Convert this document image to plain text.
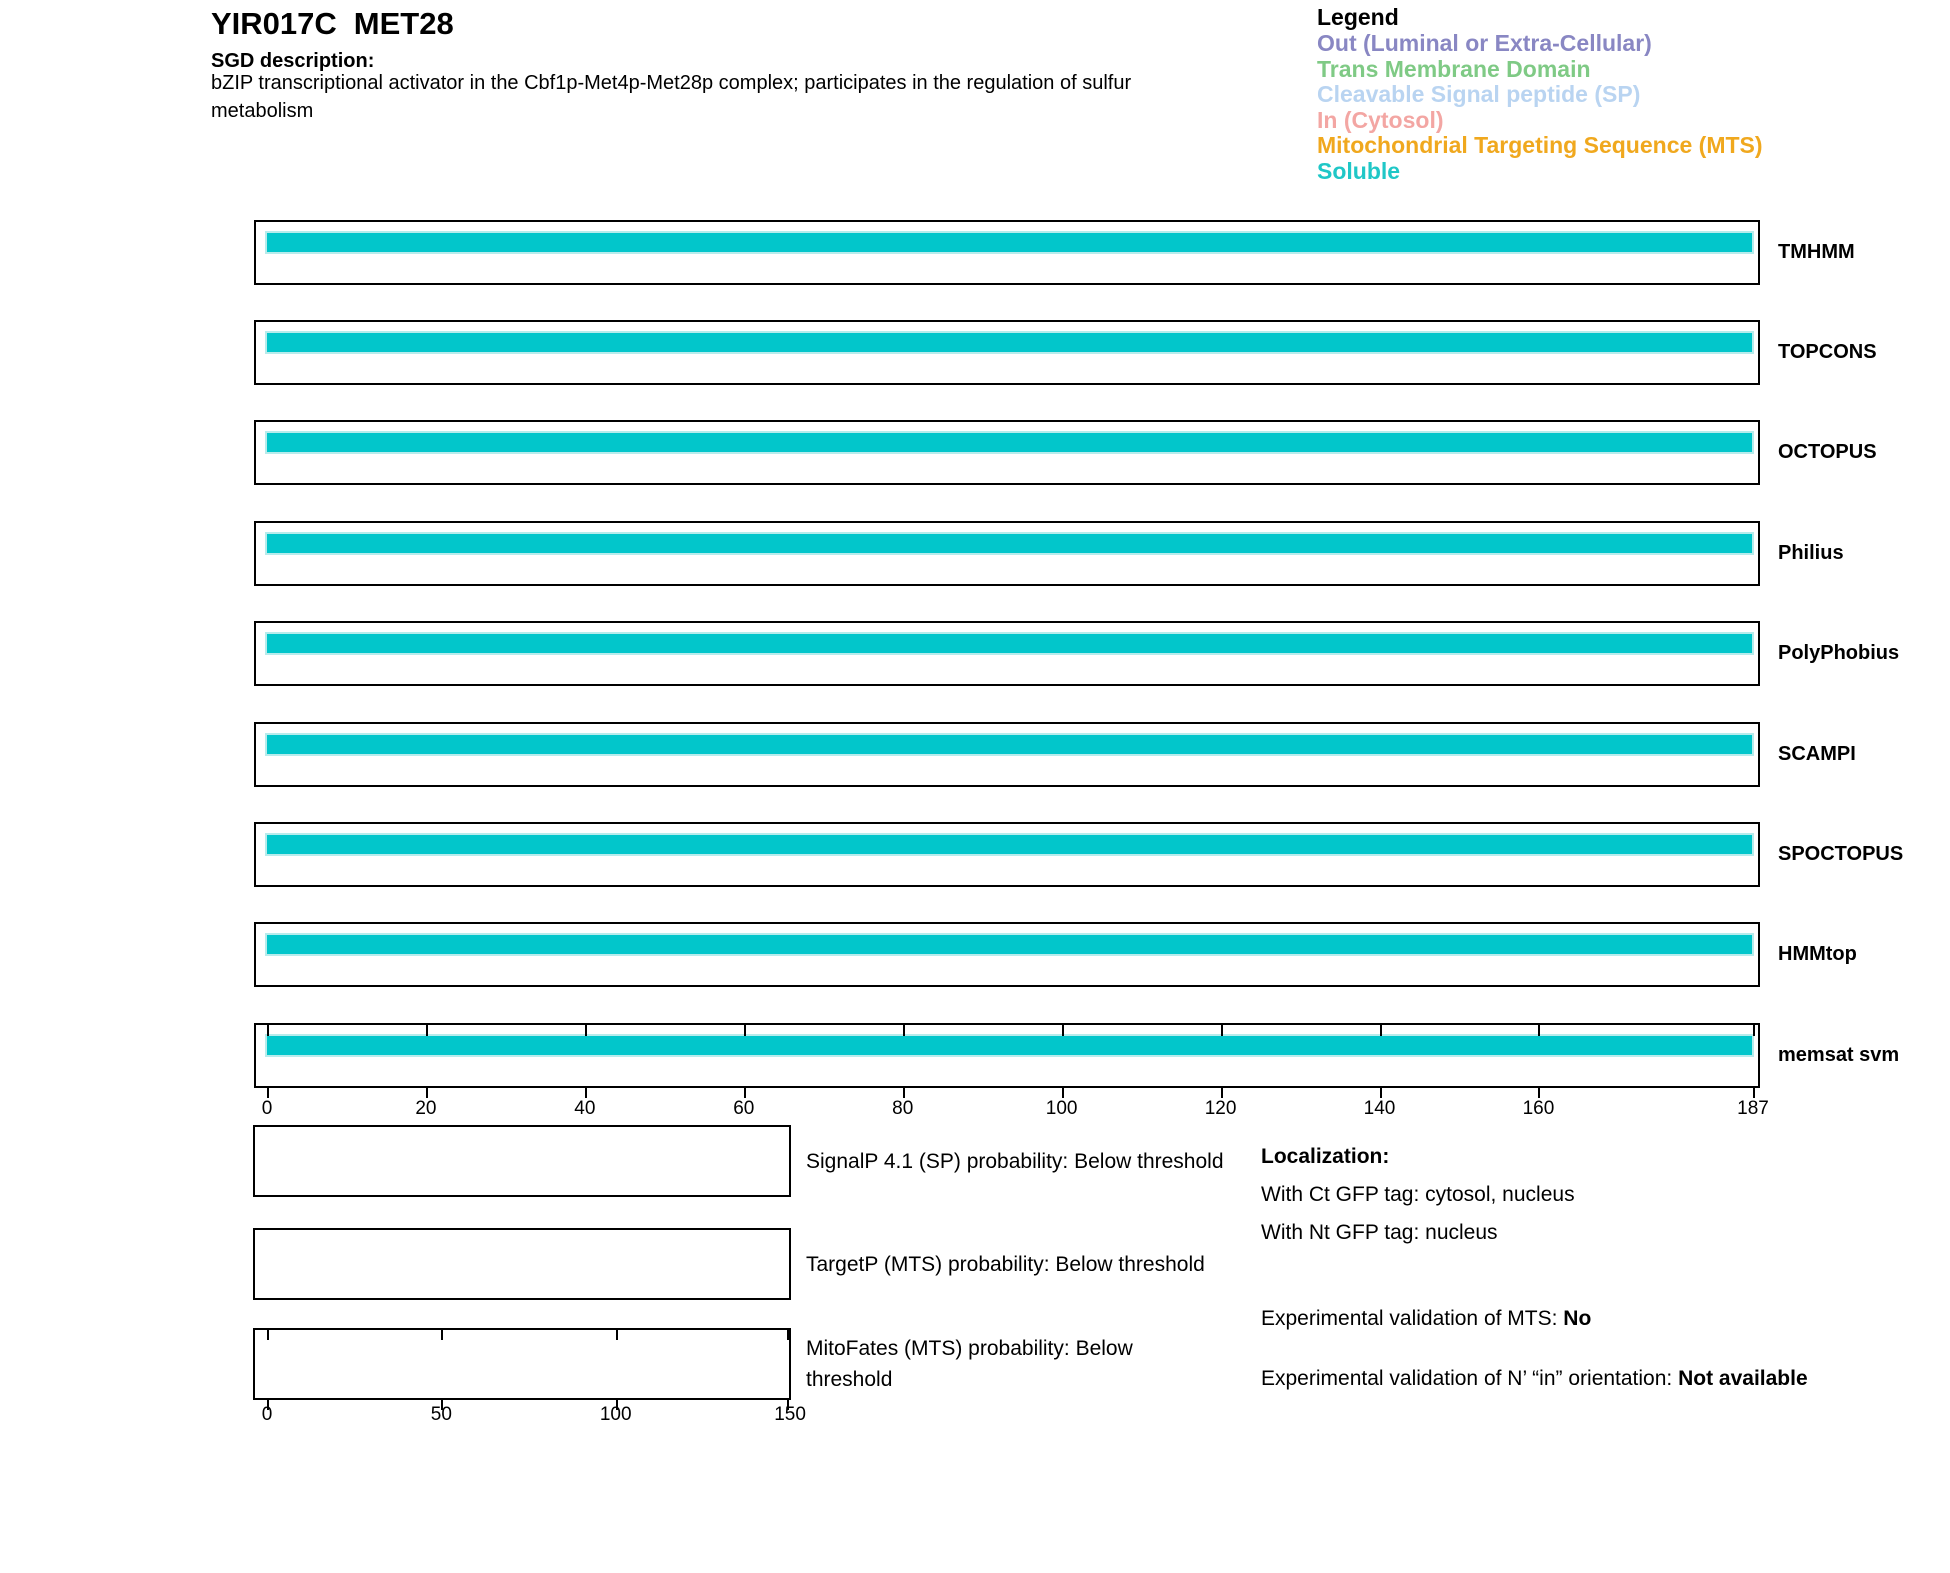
YIR017C MET28
SGD description:
bZIP transcriptional activator in the Cbf1p-Met4p-Met28p complex; participates in the regulation of sulfur
metabolism
Legend
Out (Luminal or Extra-Cellular)
Trans Membrane Domain
Cleavable Signal peptide (SP)
In (Cytosol)
Mitochondrial Targeting Sequence (MTS)
Soluble
TMHMM
TOPCONS
OCTOPUS
Philius
PolyPhobius
SCAMPI
SPOCTOPUS
HMMtop
memsat svm
0	20	40	60	80	100	120	140	160	187
SignalP 4.1 (SP) probability: Below threshold
TargetP (MTS) probability: Below threshold
MitoFates (MTS) probability: Below
threshold
0	50	100	150
Localization:
With Ct GFP tag: cytosol, nucleus
With Nt GFP tag: nucleus
Experimental validation of MTS: No
Experimental validation of N’ “in” orientation: Not available
